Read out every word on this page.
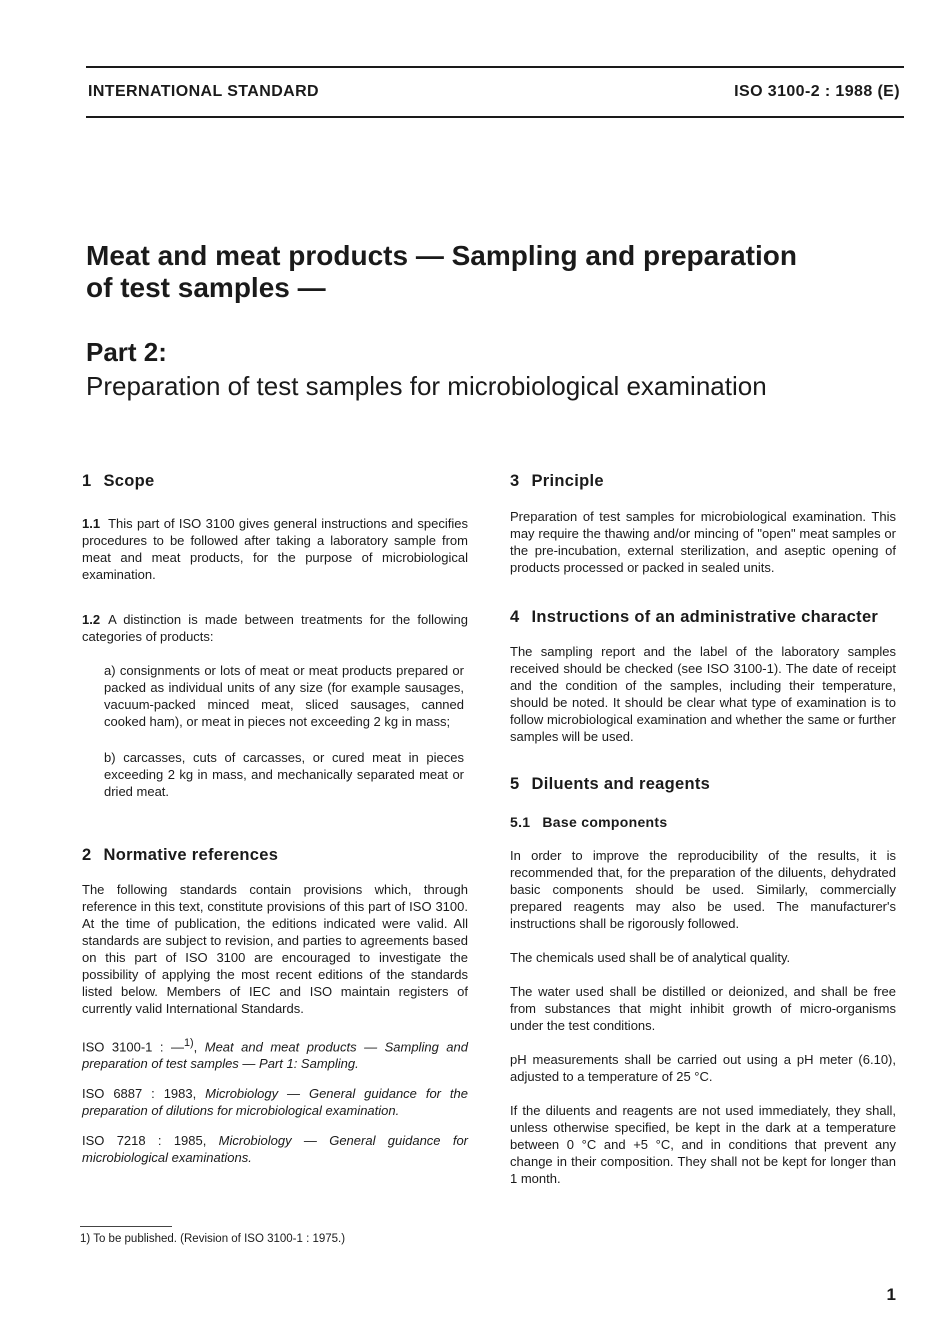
INTERNATIONAL STANDARD	ISO 3100-2 : 1988 (E)
Meat and meat products — Sampling and preparation
of test samples —
Part 2:
Preparation of test samples for microbiological examination
1 Scope

1.1 This part of ISO 3100 gives general instructions and specifies procedures to be followed after taking a laboratory sample from meat and meat products, for the purpose of microbiological examination.

1.2 A distinction is made between treatments for the following categories of products:

a) consignments or lots of meat or meat products prepared or packed as individual units of any size (for example sausages, vacuum-packed minced meat, sliced sausages, canned cooked ham), or meat in pieces not exceeding 2 kg in mass;

b) carcasses, cuts of carcasses, or cured meat in pieces exceeding 2 kg in mass, and mechanically separated meat or dried meat.

2 Normative references

The following standards contain provisions which, through reference in this text, constitute provisions of this part of ISO 3100. At the time of publication, the editions indicated were valid. All standards are subject to revision, and parties to agreements based on this part of ISO 3100 are encouraged to investigate the possibility of applying the most recent editions of the standards listed below. Members of IEC and ISO maintain registers of currently valid International Standards.

ISO 3100-1 : —$^{1)}$, Meat and meat products — Sampling and preparation of test samples — Part 1: Sampling.

ISO 6887 : 1983, Microbiology — General guidance for the preparation of dilutions for microbiological examination.

ISO 7218 : 1985, Microbiology — General guidance for microbiological examinations.

3 Principle

Preparation of test samples for microbiological examination. This may require the thawing and/or mincing of "open" meat samples or the pre-incubation, external sterilization, and aseptic opening of products processed or packed in sealed units.

4 Instructions of an administrative character

The sampling report and the label of the laboratory samples received should be checked (see ISO 3100-1). The date of receipt and the condition of the samples, including their temperature, should be noted. It should be clear what type of examination is to follow microbiological examination and whether the same or further samples will be used.

5 Diluents and reagents
5.1 Base components

In order to improve the reproducibility of the results, it is recommended that, for the preparation of the diluents, dehydrated basic components should be used. Similarly, commercially prepared reagents may also be used. The manufacturer's instructions shall be rigorously followed.

The chemicals used shall be of analytical quality.

The water used shall be distilled or deionized, and shall be free from substances that might inhibit growth of micro-organisms under the test conditions.

pH measurements shall be carried out using a pH meter (6.10), adjusted to a temperature of 25 °C.

If the diluents and reagents are not used immediately, they shall, unless otherwise specified, be kept in the dark at a temperature between 0 °C and +5 °C, and in conditions that prevent any change in their composition. They shall not be kept for longer than 1 month.

1) To be published. (Revision of ISO 3100-1 : 1975.)
1
